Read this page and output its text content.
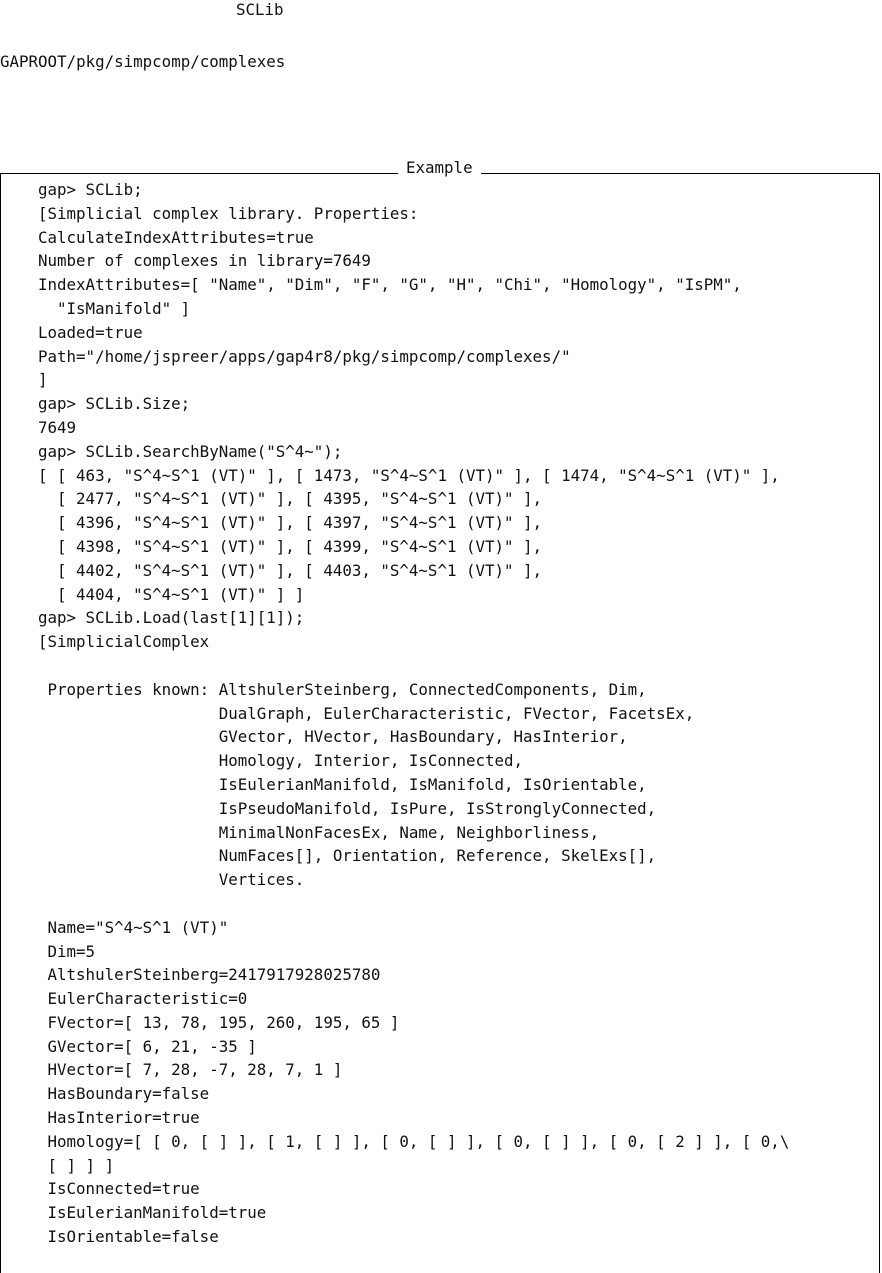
SCLib
GAPROOT/pkg/simpcomp/complexes
Example
gap> SCLib;
[Simplicial complex library. Properties:
CalculateIndexAttributes=true
Number of complexes in library=7649
IndexAttributes=[ "Name", "Dim", "F", "G", "H", "Chi", "Homology", "IsPM",
"IsManifold" ]
Loaded=true
Path="/home/jspreer/apps/gap4r8/pkg/simpcomp/complexes/"
]
gap> SCLib.Size;
7649
gap> SCLib.SearchByName("S^4~");
[ [ 463, "S^4~S^1 (VT)" ], [ 1473, "S^4~S^1 (VT)" ], [ 1474, "S^4~S^1 (VT)" ],
[ 2477, "S^4~S^1 (VT)" ], [ 4395, "S^4~S^1 (VT)" ],
[ 4396, "S^4~S^1 (VT)" ], [ 4397, "S^4~S^1 (VT)" ],
[ 4398, "S^4~S^1 (VT)" ], [ 4399, "S^4~S^1 (VT)" ],
[ 4402, "S^4~S^1 (VT)" ], [ 4403, "S^4~S^1 (VT)" ],
[ 4404, "S^4~S^1 (VT)" ] ]
gap> SCLib.Load(last[1][1]);
[SimplicialComplex
Properties known: AltshulerSteinberg, ConnectedComponents, Dim,
DualGraph, EulerCharacteristic, FVector, FacetsEx,
GVector, HVector, HasBoundary, HasInterior,
Homology, Interior, IsConnected,
IsEulerianManifold, IsManifold, IsOrientable,
IsPseudoManifold, IsPure, IsStronglyConnected,
MinimalNonFacesEx, Name, Neighborliness,
NumFaces[], Orientation, Reference, SkelExs[],
Vertices.
Name="S^4~S^1 (VT)"
Dim=5
AltshulerSteinberg=2417917928025780
EulerCharacteristic=0
FVector=[ 13, 78, 195, 260, 195, 65 ]
GVector=[ 6, 21, -35 ]
HVector=[ 7, 28, -7, 28, 7, 1 ]
HasBoundary=false
HasInterior=true
Homology=[ [ 0, [ ] ], [ 1, [ ] ], [ 0, [ ] ], [ 0, [ ] ], [ 0, [ 2 ] ], [ 0,\
[ ] ] ]
IsConnected=true
IsEulerianManifold=true
IsOrientable=false
